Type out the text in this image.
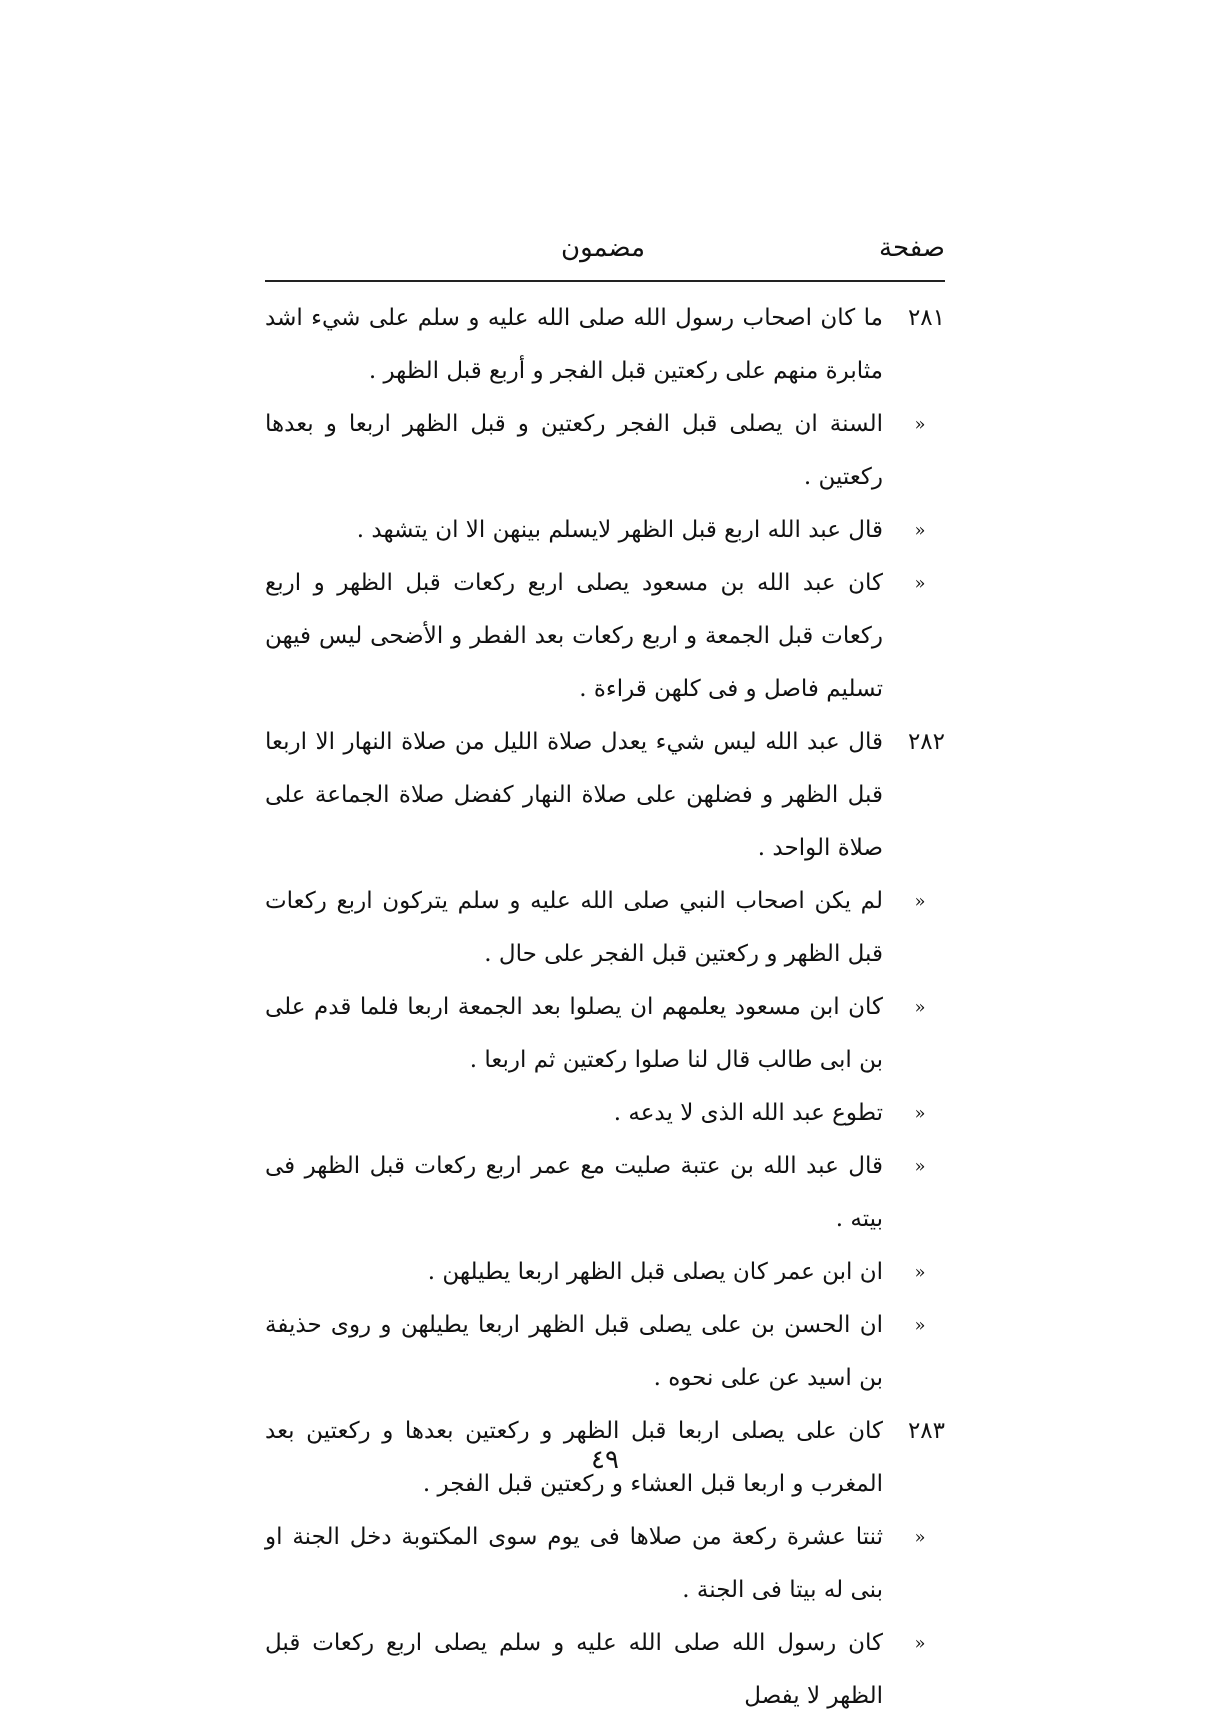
صفحة
مضمون
۲۸۱
ما كان اصحاب رسول الله صلى الله عليه و سلم على شيء اشد مثابرة منهم على ركعتين قبل الفجر و أربع قبل الظهر .
«
السنة ان يصلى قبل الفجر ركعتين و قبل الظهر اربعا و بعدها ركعتين .
«
قال عبد الله اربع قبل الظهر لايسلم بينهن الا ان يتشهد .
«
كان عبد الله بن مسعود يصلى اربع ركعات قبل الظهر و اربع ركعات قبل الجمعة و اربع ركعات بعد الفطر و الأضحى ليس فيهن تسليم فاصل و فى كلهن قراءة .
۲۸۲
قال عبد الله ليس شيء يعدل صلاة الليل من صلاة النهار الا اربعا قبل الظهر و فضلهن على صلاة النهار كفضل صلاة الجماعة على صلاة الواحد .
«
لم يكن اصحاب النبي صلى الله عليه و سلم يتركون اربع ركعات قبل الظهر و ركعتين قبل الفجر على حال .
«
كان ابن مسعود يعلمهم ان يصلوا بعد الجمعة اربعا فلما قدم على بن ابى طالب قال لنا صلوا ركعتين ثم اربعا .
«
تطوع عبد الله الذى لا يدعه .
«
قال عبد الله بن عتبة صليت مع عمر اربع ركعات قبل الظهر فى بيته .
«
ان ابن عمر كان يصلى قبل الظهر اربعا يطيلهن .
«
ان الحسن بن على يصلى قبل الظهر اربعا يطيلهن و روى حذيفة بن اسيد عن على نحوه .
۲۸۳
كان على يصلى اربعا قبل الظهر و ركعتين بعدها و ركعتين بعد المغرب و اربعا قبل العشاء و ركعتين قبل الفجر .
«
ثنتا عشرة ركعة من صلاها فى يوم سوى المكتوبة دخل الجنة او بنى له بيتا فى الجنة .
«
كان رسول الله صلى الله عليه و سلم يصلى اربع ركعات قبل الظهر لا يفصل
٤٩
